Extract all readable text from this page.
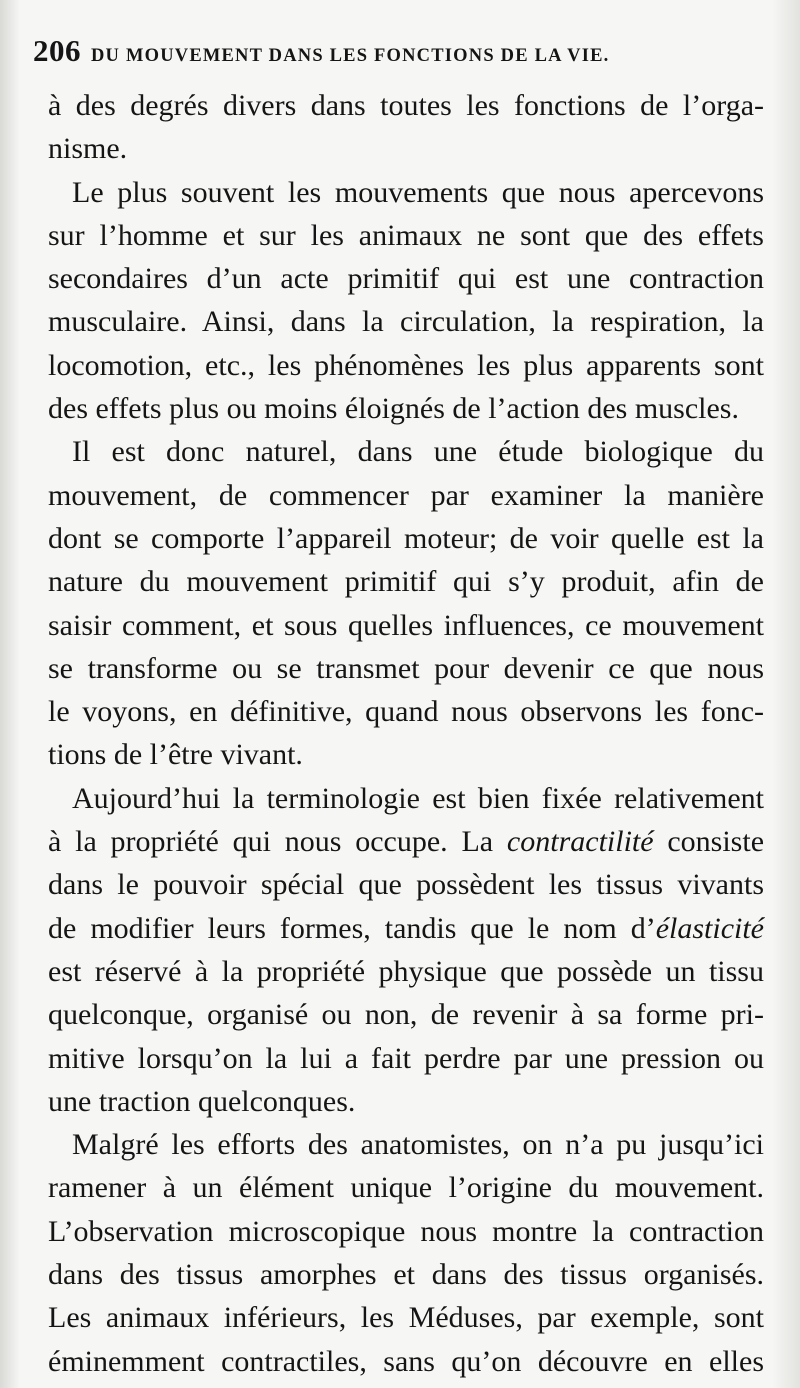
206 DU MOUVEMENT DANS LES FONCTIONS DE LA VIE.
à des degrés divers dans toutes les fonctions de l’orga-
nisme.
Le plus souvent les mouvements que nous apercevons
sur l’homme et sur les animaux ne sont que des effets
secondaires d’un acte primitif qui est une contraction
musculaire. Ainsi, dans la circulation, la respiration, la
locomotion, etc., les phénomènes les plus apparents sont
des effets plus ou moins éloignés de l’action des muscles.
Il est donc naturel, dans une étude biologique du
mouvement, de commencer par examiner la manière
dont se comporte l’appareil moteur; de voir quelle est la
nature du mouvement primitif qui s’y produit, afin de
saisir comment, et sous quelles influences, ce mouvement
se transforme ou se transmet pour devenir ce que nous
le voyons, en définitive, quand nous observons les fonc-
tions de l’être vivant.
Aujourd’hui la terminologie est bien fixée relativement
à la propriété qui nous occupe. La contractilité consiste
dans le pouvoir spécial que possèdent les tissus vivants
de modifier leurs formes, tandis que le nom d’élasticité
est réservé à la propriété physique que possède un tissu
quelconque, organisé ou non, de revenir à sa forme pri-
mitive lorsqu’on la lui a fait perdre par une pression ou
une traction quelconques.
Malgré les efforts des anatomistes, on n’a pu jusqu’ici
ramener à un élément unique l’origine du mouvement.
L’observation microscopique nous montre la contraction
dans des tissus amorphes et dans des tissus organisés.
Les animaux inférieurs, les Méduses, par exemple, sont
éminemment contractiles, sans qu’on découvre en elles
